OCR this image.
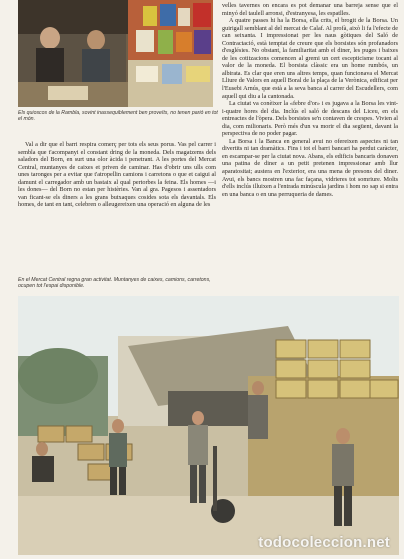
Els quioscos de la Rambla, sovint inassequiblement ben proveïts, no tenen parió en tot el món.

Val a dir que el barri respira comerç per tots els seus porus. Vas pel carrer i sembla que t'acompanyi el constant dring de la moneda. Dels magatzems dels saladors del Born, en surt una olor àcida i penetrant. A les portes del Mercat Central, muntanyes de caixes et priven de caminar. Has d'obrir uns ulls com unes taronges per a evitar que t'atropellin camions i carretons o que et caigui al damunt el carregador amb un bastaix al qual pertorbes la feina. Els homes —i les dones— del Born no estan per histèries. Van al gra. Pagesos i assentadors van ficant-se els diners a les grans butxaques cosides sota els davantals. Els homes, de tant en tant, celebren o alleugereixen una operació en alguna de les

velles tavernes on encara es pot demanar una barreja sense que el minyó del taulell arronsi, d'estranyesa, les espatlles.

A quatre passes hi ha la Borsa, ella crits, el brogit de la Borsa. Un guirigall semblant al del mercat de Calaf. Al profà, això li fa l'efecte de can seixanta. I impressionat per les naus gòtiques del Saló de Contractació, està temptat de creure que els borsistes són profanadors d'esglésies. No obstant, la familiaritat amb el diner, les puges i baixes de les cotitzacions comencen al gremi un cert escepticisme tocant al valor de la moneda. El borsista clàssic era un home rumbós, un albirata. Es clar que eren uns altres temps, quan funcionava el Mercat Lliure de Valors en aquell Boral de la plaça de la Verònica, edificat per l'Eusebi Arnús, que està a la seva banca al carrer del Escudellers, com aquell qui diu a la cantonada.

La ciutat va conèixer la «febre d'or» i es jugava a la Borsa les vint-i-quatre hores del dia. Inclús el saló de descans del Liceu, en els entreactes de l'òpera. Dels borsistes se'n contaven de crespes. Vivien al dia, com milionaris. Però més d'un va morir el dia següent, davant la perspectiva de no poder pagar.

La Borsa i la Banca en general avui no ofereixen aspectes ni tan divertits ni tan dramàtics. Fins i tot el barri bancari ha perdut caràcter, en escampar-se per la ciutat nova. Abans, els edificis bancaris donaven una patina de diner a un petit pretenen impressionar amb llur aparatositat; austera en l'exterior, era una mena de presons del diner. Avui, els bancs mostren una fac façana, vidrieres tot somriure. Molts d'ells inclús illuixen a l'entrada minúscula jardins i hom no sap si entra en una banca o en una perruqueria de dames.

En el Mercat Central regna gran activitat. Muntanyes de caixes, camions, carretons, ocupen tot l'espai disponible.
todocoleccion.net
